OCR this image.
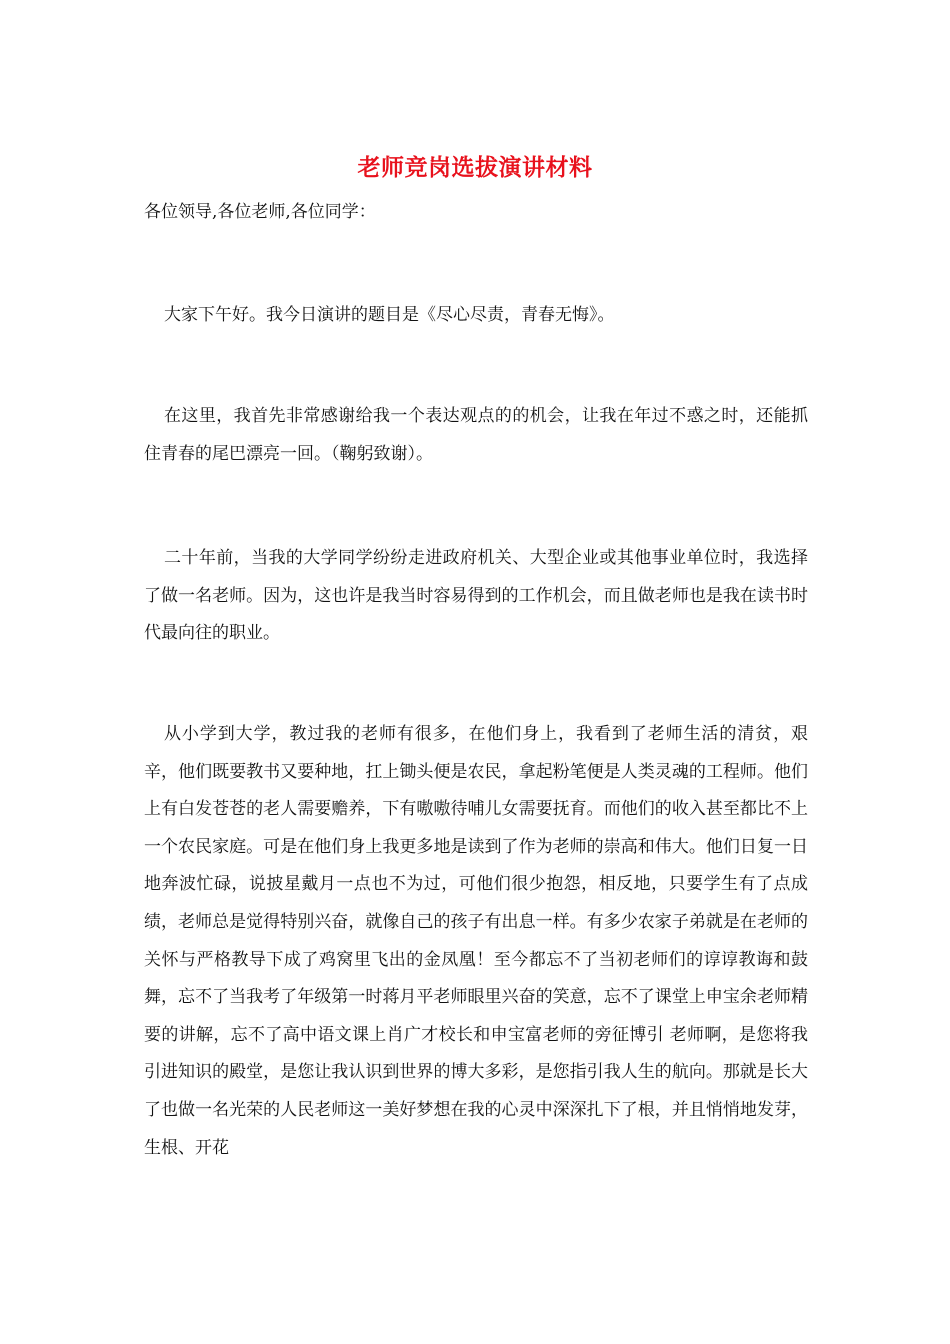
老师竞岗选拔演讲材料
各位领导,各位老师,各位同学：

大家下午好。我今日演讲的题目是《尽心尽责，青春无悔》。

在这里，我首先非常感谢给我一个表达观点的的机会，让我在年过不惑之时，还能抓住青春的尾巴漂亮一回。（鞠躬致谢）。

二十年前，当我的大学同学纷纷走进政府机关、大型企业或其他事业单位时，我选择了做一名老师。因为，这也许是我当时容易得到的工作机会，而且做老师也是我在读书时代最向往的职业。

从小学到大学，教过我的老师有很多，在他们身上，我看到了老师生活的清贫，艰辛，他们既要教书又要种地，扛上锄头便是农民，拿起粉笔便是人类灵魂的工程师。他们上有白发苍苍的老人需要赡养，下有嗷嗷待哺儿女需要抚育。而他们的收入甚至都比不上一个农民家庭。可是在他们身上我更多地是读到了作为老师的崇高和伟大。他们日复一日地奔波忙碌，说披星戴月一点也不为过，可他们很少抱怨，相反地，只要学生有了点成绩，老师总是觉得特别兴奋，就像自己的孩子有出息一样。有多少农家子弟就是在老师的关怀与严格教导下成了鸡窝里飞出的金凤凰！至今都忘不了当初老师们的谆谆教诲和鼓舞，忘不了当我考了年级第一时蒋月平老师眼里兴奋的笑意，忘不了课堂上申宝余老师精要的讲解，忘不了高中语文课上肖广才校长和申宝富老师的旁征博引 老师啊，是您将我引进知识的殿堂，是您让我认识到世界的博大多彩，是您指引我人生的航向。那就是长大了也做一名光荣的人民老师这一美好梦想在我的心灵中深深扎下了根，并且悄悄地发芽，生根、开花
